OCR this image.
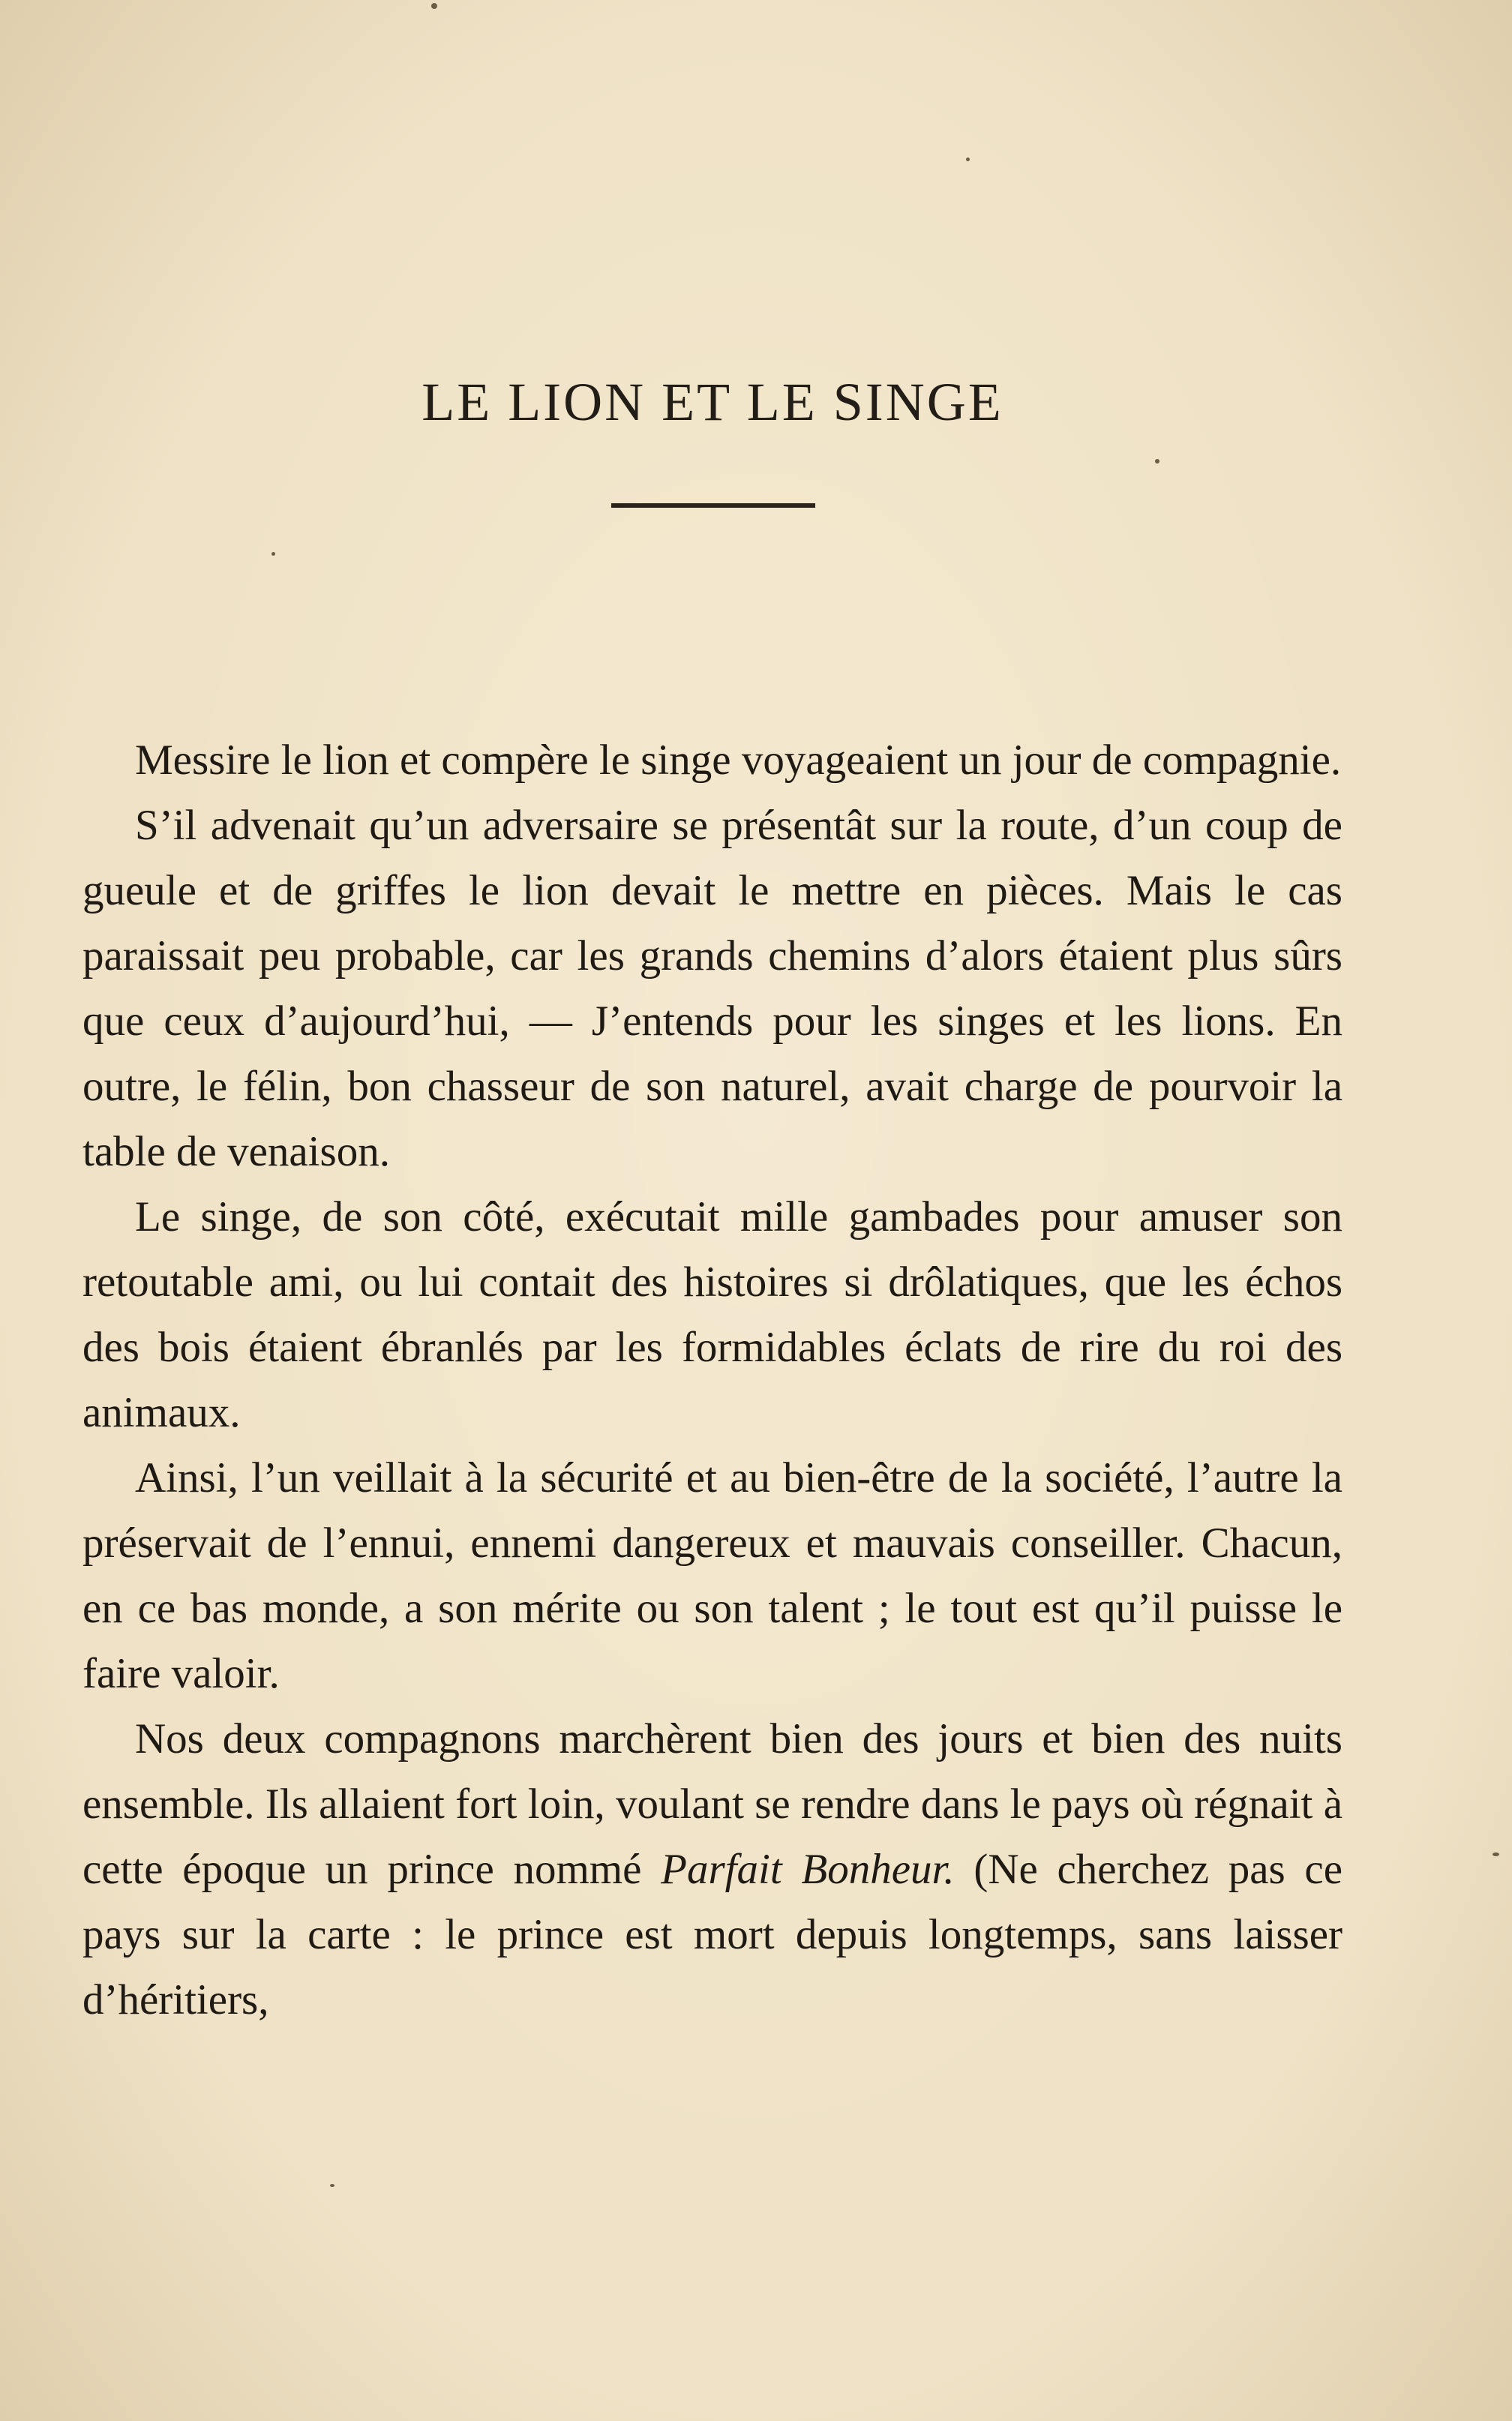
LE LION ET LE SINGE

Messire le lion et compère le singe voyageaient un jour de compagnie.

S’il advenait qu’un adversaire se présentât sur la route, d’un coup de gueule et de griffes le lion devait le mettre en pièces. Mais le cas paraissait peu probable, car les grands chemins d’alors étaient plus sûrs que ceux d’aujourd’hui, — J’entends pour les singes et les lions. En outre, le félin, bon chasseur de son naturel, avait charge de pourvoir la table de venaison.

Le singe, de son côté, exécutait mille gambades pour amuser son retoutable ami, ou lui contait des histoires si drôlatiques, que les échos des bois étaient ébranlés par les formidables éclats de rire du roi des animaux.

Ainsi, l’un veillait à la sécurité et au bien-être de la société, l’autre la préservait de l’ennui, ennemi dangereux et mauvais conseiller. Chacun, en ce bas monde, a son mérite ou son talent ; le tout est qu’il puisse le faire valoir.

Nos deux compagnons marchèrent bien des jours et bien des nuits ensemble. Ils allaient fort loin, voulant se rendre dans le pays où régnait à cette époque un prince nommé Parfait Bonheur. (Ne cherchez pas ce pays sur la carte : le prince est mort depuis longtemps, sans laisser d’héritiers,
